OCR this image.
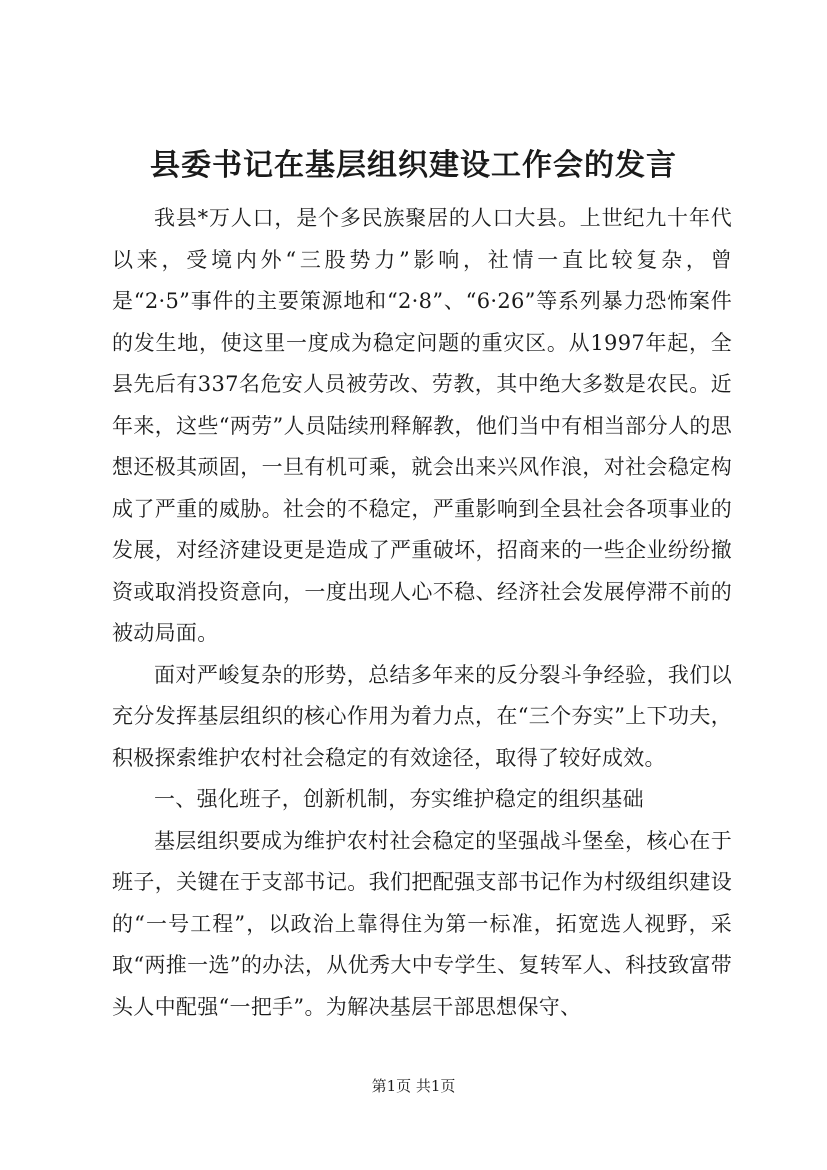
县委书记在基层组织建设工作会的发言

我县*万人口，是个多民族聚居的人口大县。上世纪九十年代以来，受境内外“三股势力”影响，社情一直比较复杂，曾是“2·5”事件的主要策源地和“2·8”、“6·26”等系列暴力恐怖案件的发生地，使这里一度成为稳定问题的重灾区。从1997年起，全县先后有337名危安人员被劳改、劳教，其中绝大多数是农民。近年来，这些“两劳”人员陆续刑释解教，他们当中有相当部分人的思想还极其顽固，一旦有机可乘，就会出来兴风作浪，对社会稳定构成了严重的威胁。社会的不稳定，严重影响到全县社会各项事业的发展，对经济建设更是造成了严重破坏，招商来的一些企业纷纷撤资或取消投资意向，一度出现人心不稳、经济社会发展停滞不前的被动局面。

面对严峻复杂的形势，总结多年来的反分裂斗争经验，我们以充分发挥基层组织的核心作用为着力点，在“三个夯实”上下功夫，积极探索维护农村社会稳定的有效途径，取得了较好成效。

一、强化班子，创新机制，夯实维护稳定的组织基础

基层组织要成为维护农村社会稳定的坚强战斗堡垒，核心在于班子，关键在于支部书记。我们把配强支部书记作为村级组织建设的“一号工程”，以政治上靠得住为第一标准，拓宽选人视野，采取“两推一选”的办法，从优秀大中专学生、复转军人、科技致富带头人中配强“一把手”。为解决基层干部思想保守、

第1页 共1页
